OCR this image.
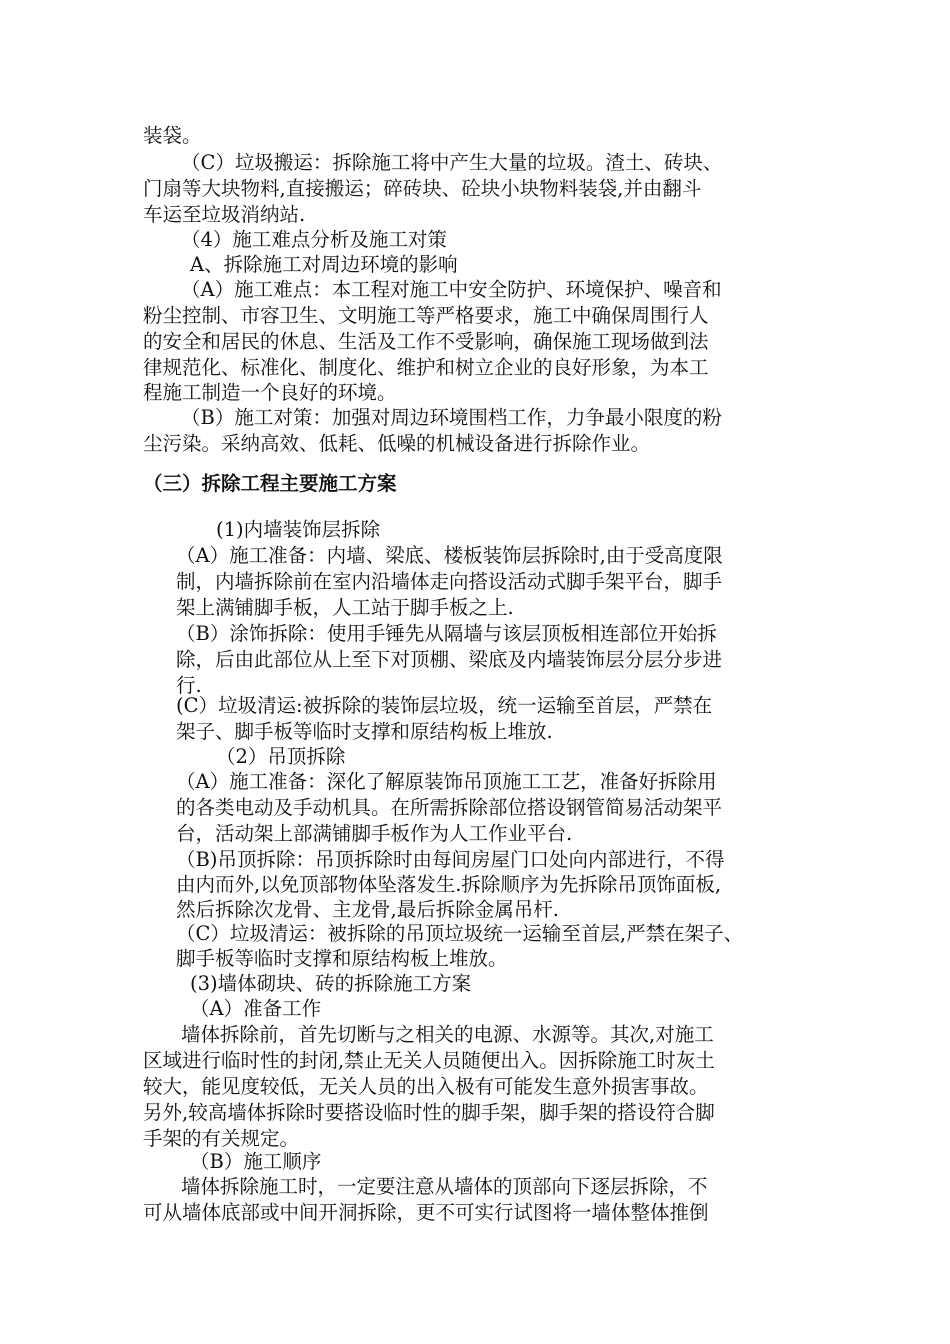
装袋。
（C）垃圾搬运：拆除施工将中产生大量的垃圾。渣土、砖块、
门扇等大块物料,直接搬运；碎砖块、砼块小块物料装袋,并由翻斗
车运至垃圾消纳站.
（4）施工难点分析及施工对策
A、拆除施工对周边环境的影响
（A）施工难点：本工程对施工中安全防护、环境保护、噪音和
粉尘控制、市容卫生、文明施工等严格要求，施工中确保周围行人
的安全和居民的休息、生活及工作不受影响，确保施工现场做到法
律规范化、标准化、制度化、维护和树立企业的良好形象，为本工
程施工制造一个良好的环境。
（B）施工对策：加强对周边环境围档工作，力争最小限度的粉
尘污染。采纳高效、低耗、低噪的机械设备进行拆除作业。
（三）拆除工程主要施工方案
(1)内墙装饰层拆除
（A）施工准备：内墙、梁底、楼板装饰层拆除时,由于受高度限
制，内墙拆除前在室内沿墙体走向搭设活动式脚手架平台，脚手
架上满铺脚手板，人工站于脚手板之上.
（B）涂饰拆除：使用手锤先从隔墙与该层顶板相连部位开始拆
除，后由此部位从上至下对顶棚、梁底及内墙装饰层分层分步进
行.
(C）垃圾清运:被拆除的装饰层垃圾，统一运输至首层，严禁在
架子、脚手板等临时支撑和原结构板上堆放.
（2）吊顶拆除
（A）施工准备：深化了解原装饰吊顶施工工艺，准备好拆除用
的各类电动及手动机具。在所需拆除部位搭设钢管简易活动架平
台，活动架上部满铺脚手板作为人工作业平台.
（B)吊顶拆除：吊顶拆除时由每间房屋门口处向内部进行，不得
由内而外,以免顶部物体坠落发生.拆除顺序为先拆除吊顶饰面板,
然后拆除次龙骨、主龙骨,最后拆除金属吊杆.
（C）垃圾清运：被拆除的吊顶垃圾统一运输至首层,严禁在架子、
脚手板等临时支撑和原结构板上堆放。
(3)墙体砌块、砖的拆除施工方案
（A）准备工作
墙体拆除前，首先切断与之相关的电源、水源等。其次,对施工
区域进行临时性的封闭,禁止无关人员随便出入。因拆除施工时灰土
较大，能见度较低，无关人员的出入极有可能发生意外损害事故。
另外,较高墙体拆除时要搭设临时性的脚手架，脚手架的搭设符合脚
手架的有关规定。
（B）施工顺序
墙体拆除施工时，一定要注意从墙体的顶部向下逐层拆除，不
可从墙体底部或中间开洞拆除，更不可实行试图将一墙体整体推倒
